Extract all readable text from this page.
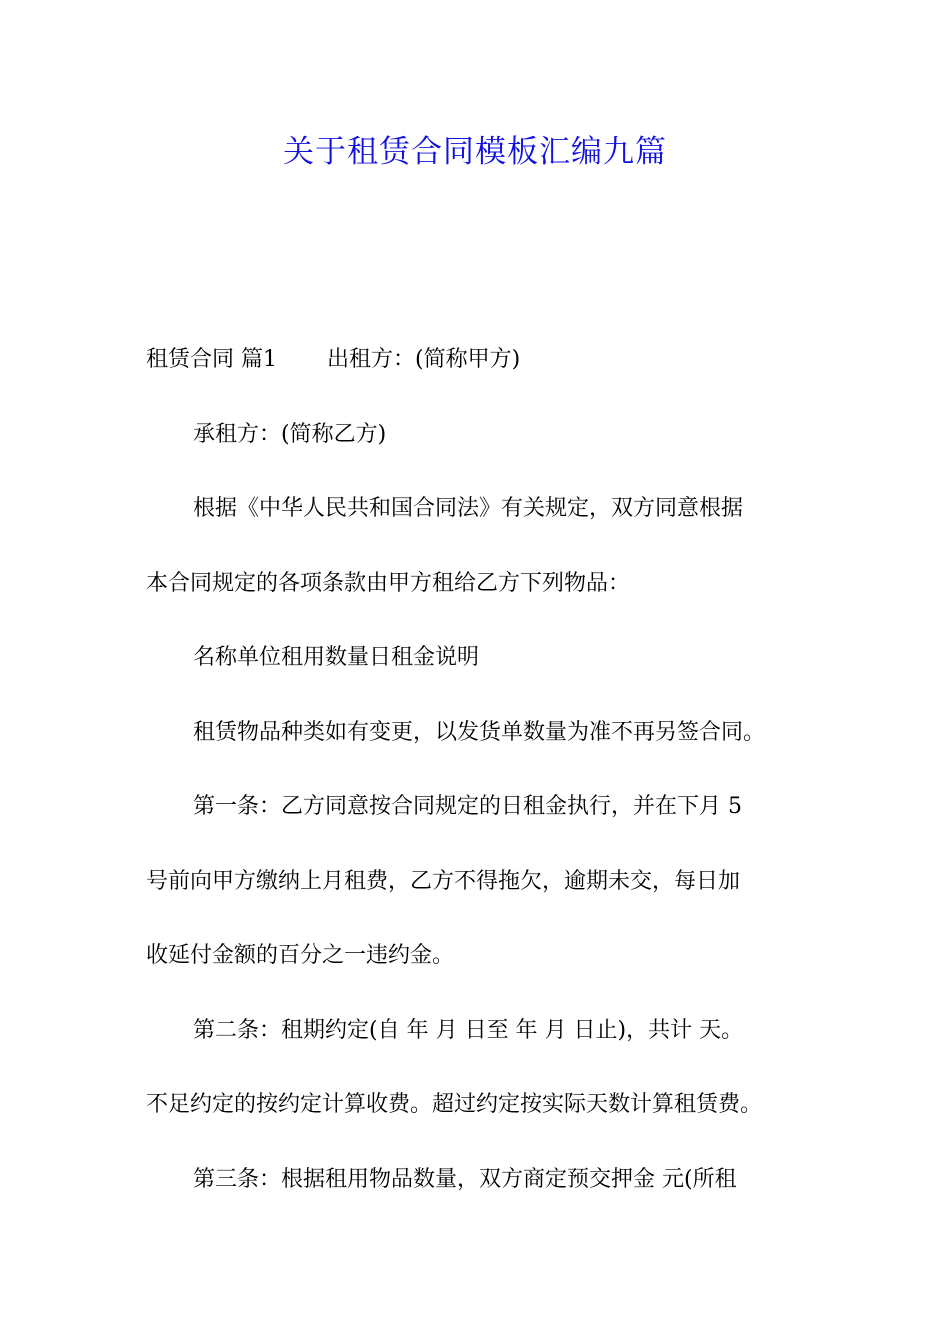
关于租赁合同模板汇编九篇
租赁合同 篇1 出租方：(简称甲方)
承租方：(简称乙方)
根据《中华人民共和国合同法》有关规定，双方同意根据
本合同规定的各项条款由甲方租给乙方下列物品：
名称单位租用数量日租金说明
租赁物品种类如有变更，以发货单数量为准不再另签合同。
第一条：乙方同意按合同规定的日租金执行，并在下月 5
号前向甲方缴纳上月租费，乙方不得拖欠，逾期未交，每日加
收延付金额的百分之一违约金。
第二条：租期约定(自 年 月 日至 年 月 日止)，共计 天。
不足约定的按约定计算收费。超过约定按实际天数计算租赁费。
第三条：根据租用物品数量，双方商定预交押金 元(所租
